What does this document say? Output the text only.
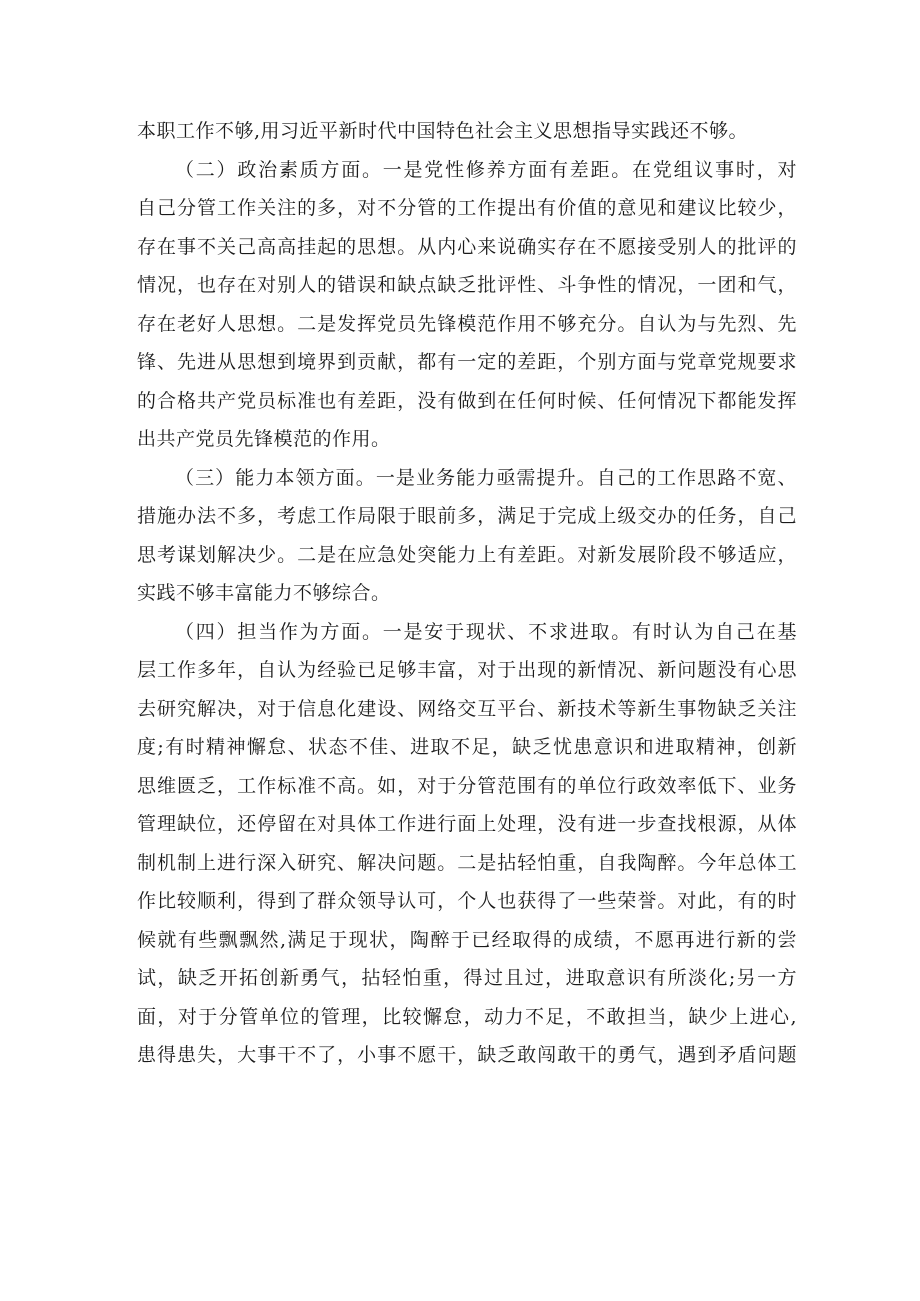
本职工作不够,用习近平新时代中国特色社会主义思想指导实践还不够。
（二）政治素质方面。一是党性修养方面有差距。在党组议事时，对
自己分管工作关注的多，对不分管的工作提出有价值的意见和建议比较少，
存在事不关己高高挂起的思想。从内心来说确实存在不愿接受别人的批评的
情况，也存在对别人的错误和缺点缺乏批评性、斗争性的情况，一团和气，
存在老好人思想。二是发挥党员先锋模范作用不够充分。自认为与先烈、先
锋、先进从思想到境界到贡献，都有一定的差距，个别方面与党章党规要求
的合格共产党员标准也有差距，没有做到在任何时候、任何情况下都能发挥
出共产党员先锋模范的作用。
（三）能力本领方面。一是业务能力亟需提升。自己的工作思路不宽、
措施办法不多，考虑工作局限于眼前多，满足于完成上级交办的任务，自己
思考谋划解决少。二是在应急处突能力上有差距。对新发展阶段不够适应，
实践不够丰富能力不够综合。
（四）担当作为方面。一是安于现状、不求进取。有时认为自己在基
层工作多年，自认为经验已足够丰富，对于出现的新情况、新问题没有心思
去研究解决，对于信息化建设、网络交互平台、新技术等新生事物缺乏关注
度;有时精神懈怠、状态不佳、进取不足，缺乏忧患意识和进取精神，创新
思维匮乏，工作标准不高。如，对于分管范围有的单位行政效率低下、业务
管理缺位，还停留在对具体工作进行面上处理，没有进一步查找根源，从体
制机制上进行深入研究、解决问题。二是拈轻怕重，自我陶醉。今年总体工
作比较顺利，得到了群众领导认可，个人也获得了一些荣誉。对此，有的时
候就有些飘飘然,满足于现状，陶醉于已经取得的成绩，不愿再进行新的尝
试，缺乏开拓创新勇气，拈轻怕重，得过且过，进取意识有所淡化;另一方
面，对于分管单位的管理，比较懈怠，动力不足，不敢担当，缺少上进心,
患得患失，大事干不了，小事不愿干，缺乏敢闯敢干的勇气，遇到矛盾问题
